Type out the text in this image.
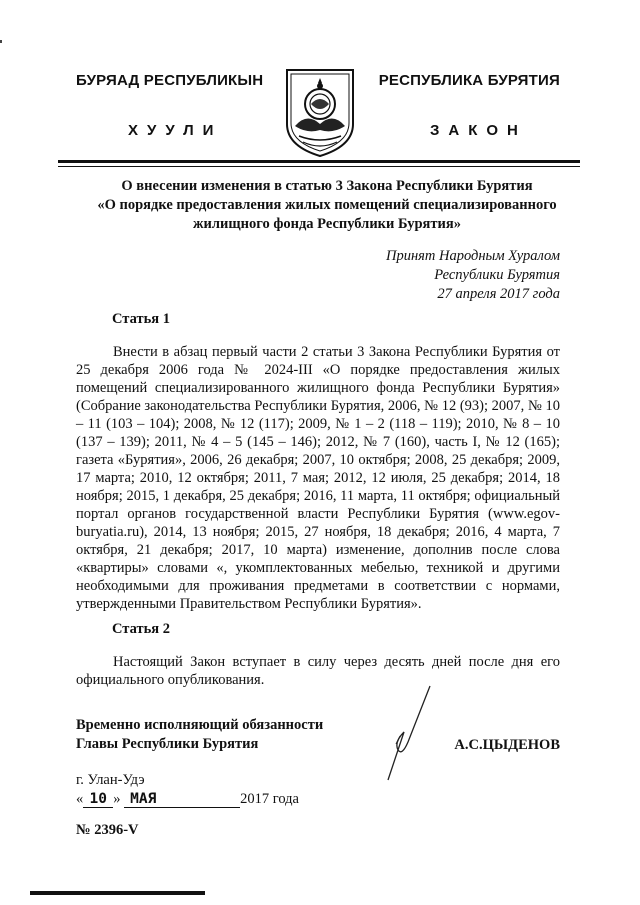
БУРЯАД РЕСПУБЛИКЫН	РЕСПУБЛИКА БУРЯТИЯ
ХУУЛИ	ЗАКОН
О внесении изменения в статью 3 Закона Республики Бурятия
«О порядке предоставления жилых помещений специализированного
жилищного фонда Республики Бурятия»
Принят Народным Хуралом
Республики Бурятия
27 апреля 2017 года
Статья 1

Внести в абзац первый части 2 статьи 3 Закона Республики Бурятия от 25 декабря 2006 года № 2024-III «О порядке предоставления жилых помещений специализированного жилищного фонда Республики Бурятия» (Собрание законодательства Республики Бурятия, 2006, № 12 (93); 2007, № 10 – 11 (103 – 104); 2008, № 12 (117); 2009, № 1 – 2 (118 – 119); 2010, № 8 – 10 (137 – 139); 2011, № 4 – 5 (145 – 146); 2012, № 7 (160), часть I, № 12 (165); газета «Бурятия», 2006, 26 декабря; 2007, 10 октября; 2008, 25 декабря; 2009, 17 марта; 2010, 12 октября; 2011, 7 мая; 2012, 12 июля, 25 декабря; 2014, 18 ноября; 2015, 1 декабря, 25 декабря; 2016, 11 марта, 11 октября; официальный портал органов государственной власти Республики Бурятия (www.egov-buryatia.ru), 2014, 13 ноября; 2015, 27 ноября, 18 декабря; 2016, 4 марта, 7 октября, 21 декабря; 2017, 10 марта) изменение, дополнив после слова «квартиры» словами «, укомплектованных мебелью, техникой и другими необходимыми для проживания предметами в соответствии с нормами, утвержденными Правительством Республики Бурятия».

Статья 2

Настоящий Закон вступает в силу через десять дней после дня его официального опубликования.

Временно исполняющий обязанности
Главы Республики Бурятия	А.С.ЦЫДЕНОВ
г. Улан-Удэ
« 10 » МАЯ	2017 года
№ 2396-V
